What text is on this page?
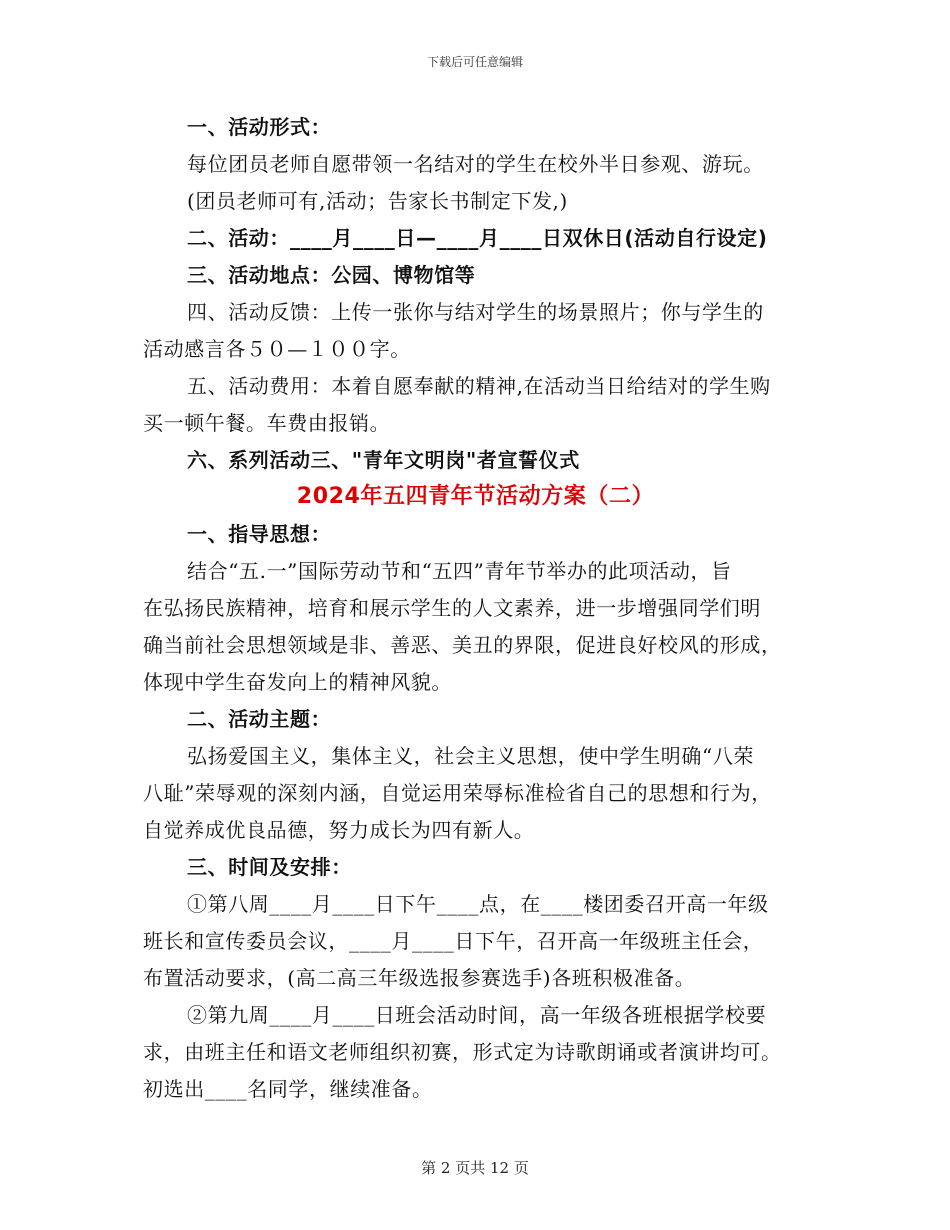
下载后可任意编辑
一、活动形式：
每位团员老师自愿带领一名结对的学生在校外半日参观、游玩。
(团员老师可有,活动；告家长书制定下发,)
二、活动：____月____日—____月____日双休日(活动自行设定)
三、活动地点：公园、博物馆等
四、活动反馈：上传一张你与结对学生的场景照片；你与学生的
活动感言各５０—１００字。
五、活动费用：本着自愿奉献的精神,在活动当日给结对的学生购
买一顿午餐。车费由报销。
六、系列活动三、"青年文明岗"者宣誓仪式
2024年五四青年节活动方案（二）
一、指导思想：
结合“五.一”国际劳动节和“五四”青年节举办的此项活动，旨
在弘扬民族精神，培育和展示学生的人文素养，进一步增强同学们明
确当前社会思想领域是非、善恶、美丑的界限，促进良好校风的形成，
体现中学生奋发向上的精神风貌。
二、活动主题：
弘扬爱国主义，集体主义，社会主义思想，使中学生明确“八荣
八耻”荣辱观的深刻内涵，自觉运用荣辱标准检省自己的思想和行为，
自觉养成优良品德，努力成长为四有新人。
三、时间及安排：
①第八周____月____日下午____点，在____楼团委召开高一年级
班长和宣传委员会议，____月____日下午，召开高一年级班主任会，
布置活动要求，(高二高三年级选报参赛选手)各班积极准备。
②第九周____月____日班会活动时间，高一年级各班根据学校要
求，由班主任和语文老师组织初赛，形式定为诗歌朗诵或者演讲均可。
初选出____名同学，继续准备。
第 2 页共 12 页
